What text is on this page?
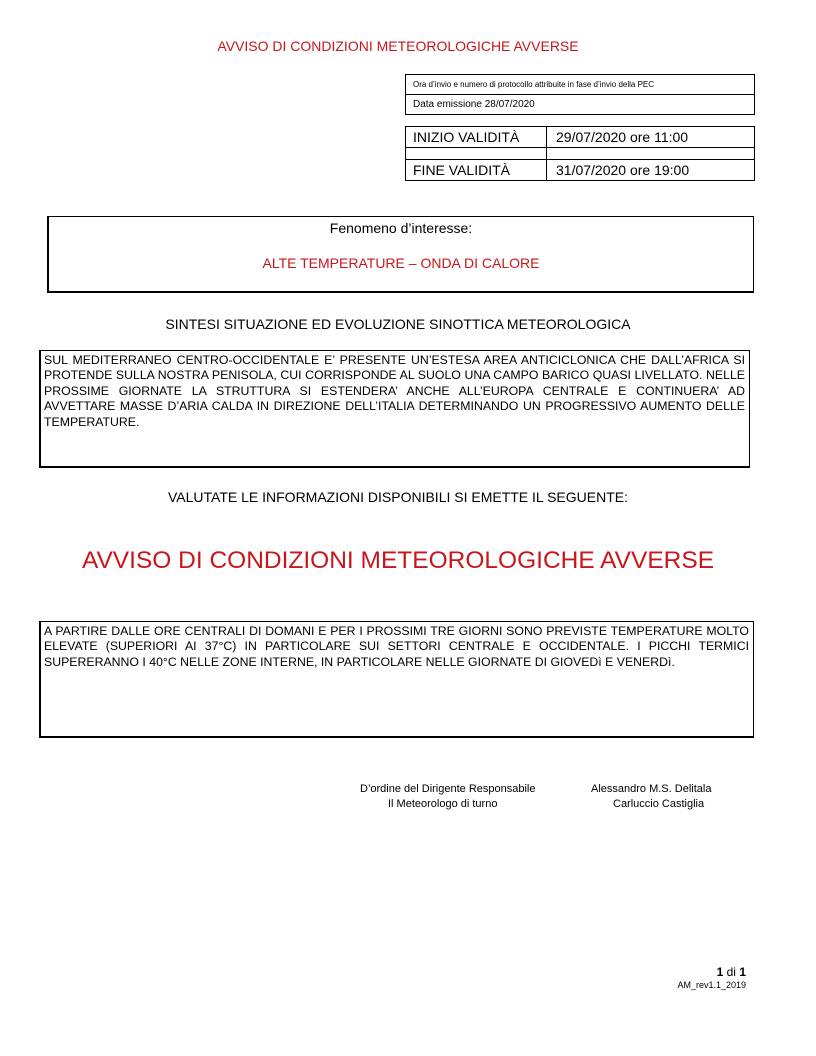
AVVISO DI CONDIZIONI METEOROLOGICHE AVVERSE
Ora d’invio e numero di protocollo attribuite in fase d’invio della PEC
Data emissione 28/07/2020
INIZIO VALIDITÀ	29/07/2020 ore 11:00
FINE VALIDITÀ	31/07/2020 ore 19:00
Fenomeno d’interesse:
ALTE TEMPERATURE – ONDA DI CALORE
SINTESI SITUAZIONE ED EVOLUZIONE SINOTTICA METEOROLOGICA
SUL MEDITERRANEO CENTRO-OCCIDENTALE E’ PRESENTE UN’ESTESA AREA ANTICICLONICA CHE DALL’AFRICA SI PROTENDE SULLA NOSTRA PENISOLA, CUI CORRISPONDE AL SUOLO UNA CAMPO BARICO QUASI LIVELLATO. NELLE PROSSIME GIORNATE LA STRUTTURA SI ESTENDERA’ ANCHE ALL’EUROPA CENTRALE E CONTINUERA’ AD AVVETTARE MASSE D’ARIA CALDA IN DIREZIONE DELL’ITALIA DETERMINANDO UN PROGRESSIVO AUMENTO DELLE TEMPERATURE.
VALUTATE LE INFORMAZIONI DISPONIBILI SI EMETTE IL SEGUENTE:
AVVISO DI CONDIZIONI METEOROLOGICHE AVVERSE
A PARTIRE DALLE ORE CENTRALI DI DOMANI E PER I PROSSIMI TRE GIORNI SONO PREVISTE TEMPERATURE MOLTO ELEVATE (SUPERIORI AI 37°C) IN PARTICOLARE SUI SETTORI CENTRALE E OCCIDENTALE. I PICCHI TERMICI SUPERERANNO I 40°C NELLE ZONE INTERNE, IN PARTICOLARE NELLE GIORNATE DI GIOVEDì E VENERDì.
D’ordine del Dirigente Responsabile	Alessandro M.S. Delitala
Il Meteorologo di turno	Carluccio Castiglia
1 di 1
AM_rev1.1_2019
